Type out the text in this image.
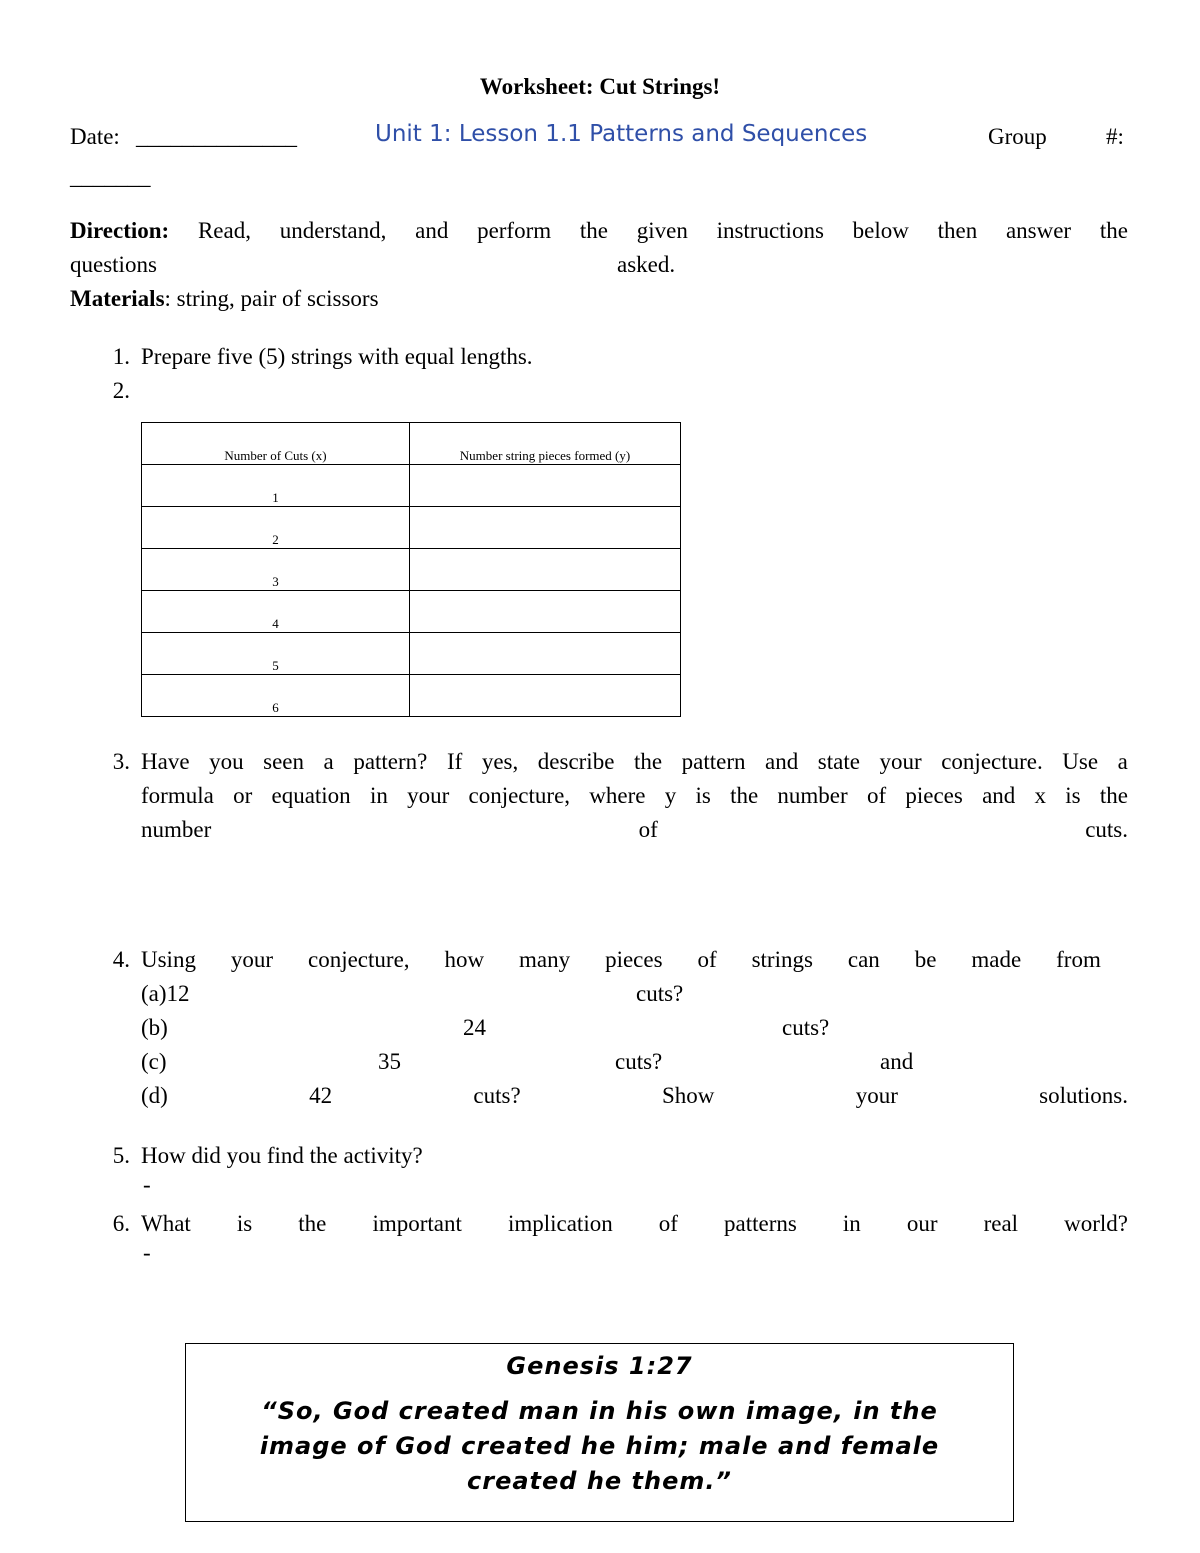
Worksheet: Cut Strings!
Date: ______________	Unit 1: Lesson 1.1 Patterns and Sequences	Group	#:
_______
Direction: Read, understand, and perform the given instructions below then answer the
questions	asked.
Materials: string, pair of scissors
1. Prepare five (5) strings with equal lengths.
2.
Number of Cuts (x)	Number string pieces formed (y)
1	
2	
3	
4	
5	
6	
3. Have you seen a pattern? If yes, describe the pattern and state your conjecture. Use a
formula or equation in your conjecture, where y is the number of pieces and x is the
number	of	cuts.
4. Using your conjecture, how many pieces of strings can be made from
(a)12	cuts?
(b)	24	cuts?
(c)	35	cuts?	and
(d)	42	cuts?	Show	your	solutions.
5. How did you find the activity?
-
6. What is the important implication of patterns in our real world?
-
Genesis 1:27
“So, God created man in his own image, in the
image of God created he him; male and female
created he them.”
